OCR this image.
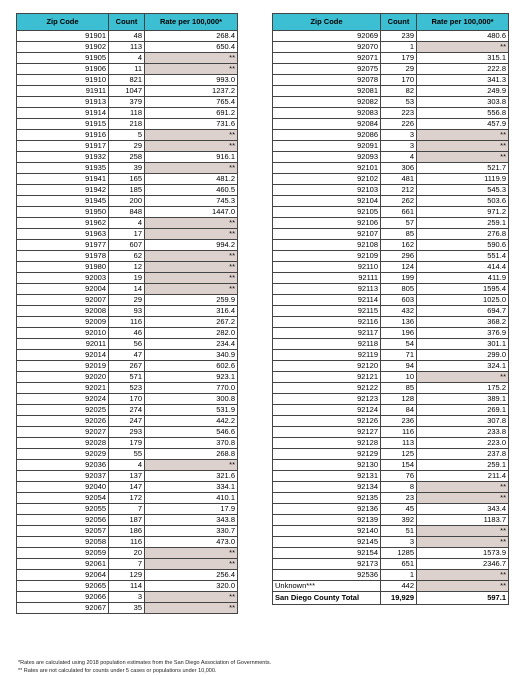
Zip Code	Count	Rate per 100,000*
91901	48	268.4
91902	113	650.4
91905	4	**
91906	11	**
91910	821	993.0
91911	1047	1237.2
91913	379	765.4
91914	118	691.2
91915	218	731.6
91916	5	**
91917	29	**
91932	258	916.1
91935	39	**
91941	165	481.2
91942	185	460.5
91945	200	745.3
91950	848	1447.0
91962	4	**
91963	17	**
91977	607	994.2
91978	62	**
91980	12	**
92003	19	**
92004	14	**
92007	29	259.9
92008	93	316.4
92009	116	267.2
92010	46	282.0
92011	56	234.4
92014	47	340.9
92019	267	602.6
92020	571	923.1
92021	523	770.0
92024	170	300.8
92025	274	531.9
92026	247	442.2
92027	293	546.6
92028	179	370.8
92029	55	268.8
92036	4	**
92037	137	321.6
92040	147	334.1
92054	172	410.1
92055	7	17.9
92056	187	343.8
92057	186	330.7
92058	116	473.0
92059	20	**
92061	7	**
92064	129	256.4
92065	114	320.0
92066	3	**
92067	35	**
Zip Code	Count	Rate per 100,000*
92069	239	480.6
92070	1	**
92071	179	315.1
92075	29	222.8
92078	170	341.3
92081	82	249.9
92082	53	303.8
92083	223	556.8
92084	226	457.9
92086	3	**
92091	3	**
92093	4	**
92101	306	521.7
92102	481	1119.9
92103	212	545.3
92104	262	503.6
92105	661	971.2
92106	57	259.1
92107	85	276.8
92108	162	590.6
92109	296	551.4
92110	124	414.4
92111	199	411.9
92113	805	1595.4
92114	603	1025.0
92115	432	694.7
92116	136	368.2
92117	196	376.9
92118	54	301.1
92119	71	299.0
92120	94	324.1
92121	10	**
92122	85	175.2
92123	128	389.1
92124	84	269.1
92126	236	307.8
92127	116	233.8
92128	113	223.0
92129	125	237.8
92130	154	259.1
92131	76	211.4
92134	8	**
92135	23	**
92136	45	343.4
92139	392	1183.7
92140	51	**
92145	3	**
92154	1285	1573.9
92173	651	2346.7
92536	1	**
Unknown***	442	**
San Diego County Total	19,929	597.1
*Rates are calculated using 2018 population estimates from the San Diego Association of Governments.
** Rates are not calculated for counts under 5 cases or populations under 10,000.
